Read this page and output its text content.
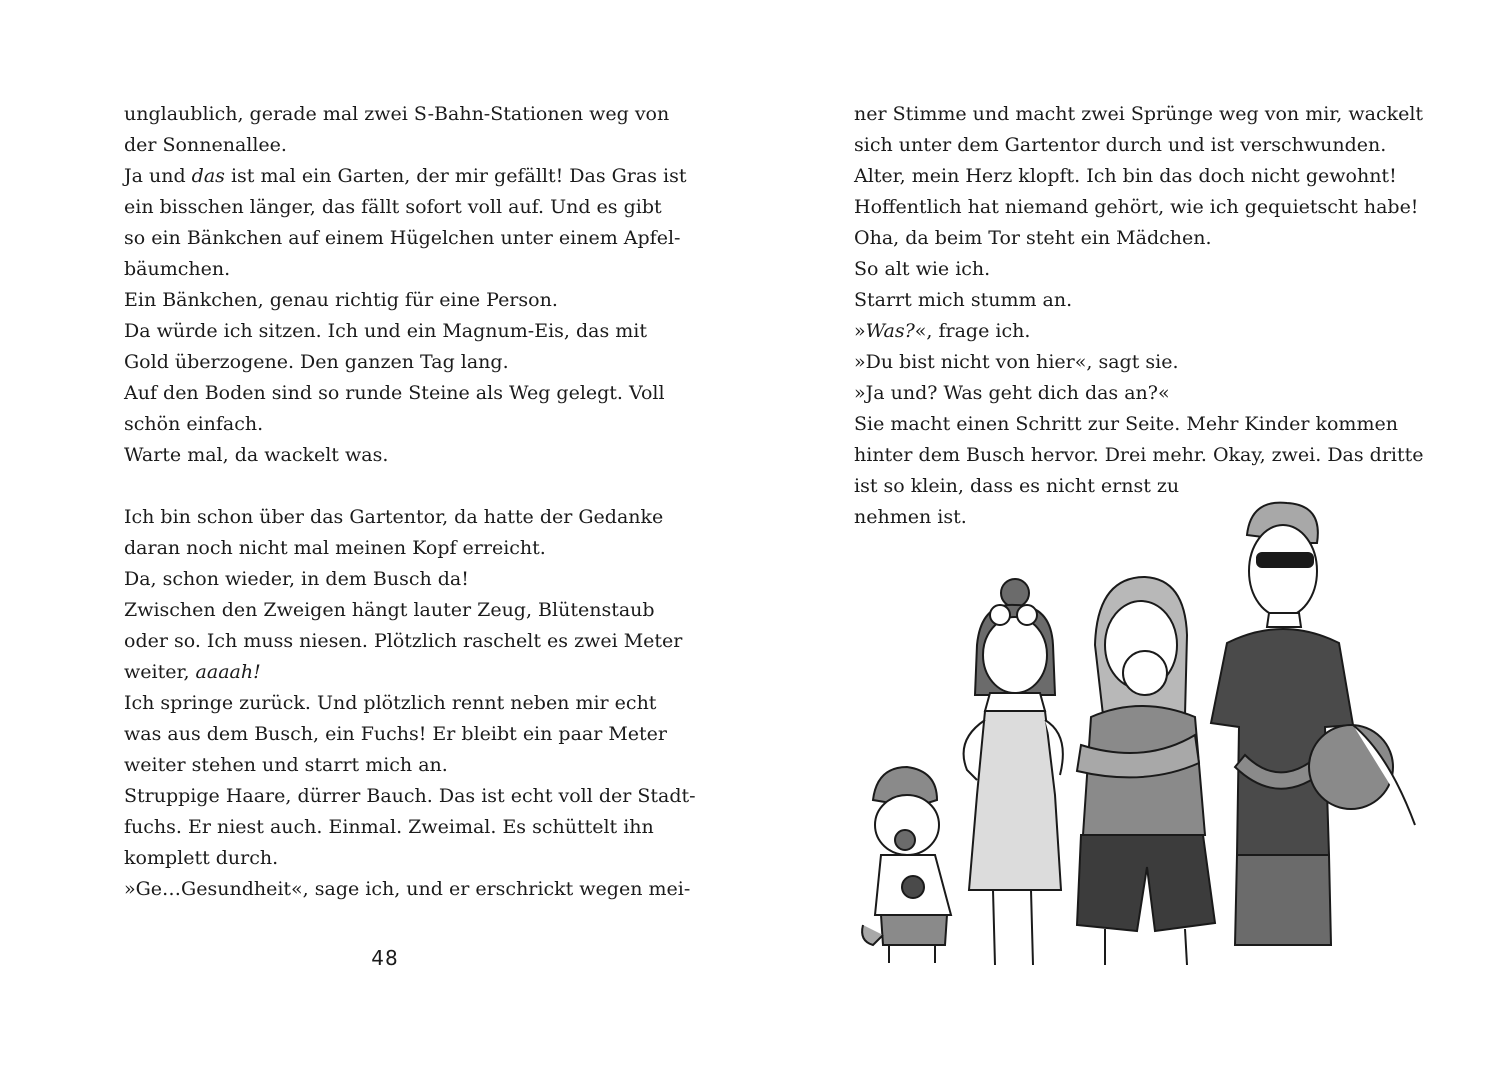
unglaublich, gerade mal zwei S-Bahn-Stationen weg von
der Sonnenallee.
Ja und das ist mal ein Garten, der mir gefällt! Das Gras ist
ein bisschen länger, das fällt sofort voll auf. Und es gibt
so ein Bänkchen auf einem Hügelchen unter einem Apfel-
bäumchen.
Ein Bänkchen, genau richtig für eine Person.
Da würde ich sitzen. Ich und ein Magnum-Eis, das mit
Gold überzogene. Den ganzen Tag lang.
Auf den Boden sind so runde Steine als Weg gelegt. Voll
schön einfach.
Warte mal, da wackelt was.
Ich bin schon über das Gartentor, da hatte der Gedanke
daran noch nicht mal meinen Kopf erreicht.
Da, schon wieder, in dem Busch da!
Zwischen den Zweigen hängt lauter Zeug, Blütenstaub
oder so. Ich muss niesen. Plötzlich raschelt es zwei Meter
weiter, aaaah!
Ich springe zurück. Und plötzlich rennt neben mir echt
was aus dem Busch, ein Fuchs! Er bleibt ein paar Meter
weiter stehen und starrt mich an.
Struppige Haare, dürrer Bauch. Das ist echt voll der Stadt-
fuchs. Er niest auch. Einmal. Zweimal. Es schüttelt ihn
komplett durch.
»Ge…Gesundheit«, sage ich, und er erschrickt wegen mei-
48
ner Stimme und macht zwei Sprünge weg von mir, wackelt
sich unter dem Gartentor durch und ist verschwunden.
Alter, mein Herz klopft. Ich bin das doch nicht gewohnt!
Hoffentlich hat niemand gehört, wie ich gequietscht habe!
Oha, da beim Tor steht ein Mädchen.
So alt wie ich.
Starrt mich stumm an.
»Was?«, frage ich.
»Du bist nicht von hier«, sagt sie.
»Ja und? Was geht dich das an?«
Sie macht einen Schritt zur Seite. Mehr Kinder kommen
hinter dem Busch hervor. Drei mehr. Okay, zwei. Das dritte
ist so klein, dass es nicht ernst zu
nehmen ist.
